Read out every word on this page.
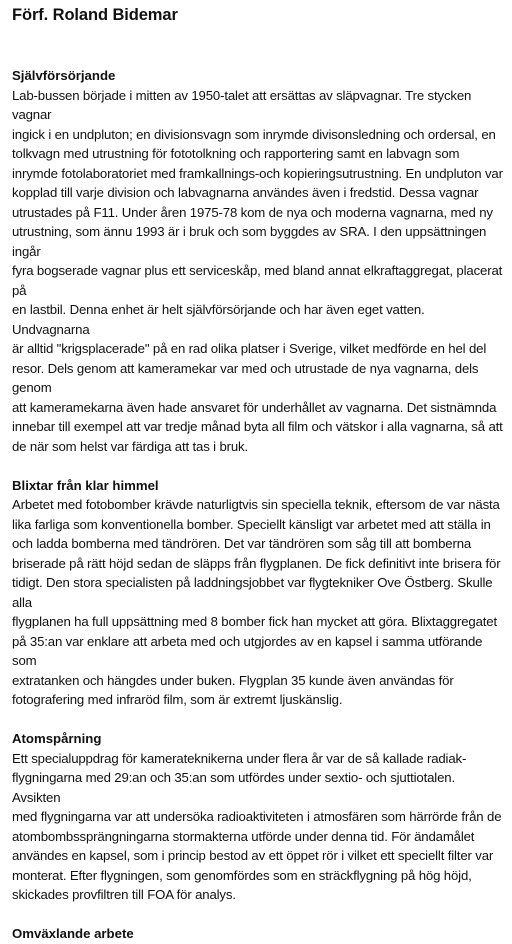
Förf. Roland Bidemar
Självförsörjande
Lab-bussen började i mitten av 1950-talet att ersättas av släpvagnar. Tre stycken vagnar
ingick i en undpluton; en divisionsvagn som inrymde divisonsledning och ordersal, en
tolkvagn med utrustning för fototolkning och rapportering samt en labvagn som
inrymde fotolaboratoriet med framkallnings-och kopieringsutrustning. En undpluton var
kopplad till varje division och labvagnarna användes även i fredstid. Dessa vagnar
utrustades på F11. Under åren 1975-78 kom de nya och moderna vagnarna, med ny
utrustning, som ännu 1993 är i bruk och som byggdes av SRA. I den uppsättningen ingår
fyra bogserade vagnar plus ett serviceskåp, med bland annat elkraftaggregat, placerat på
en lastbil. Denna enhet är helt självförsörjande och har även eget vatten. Undvagnarna
är alltid "krigsplacerade" på en rad olika platser i Sverige, vilket medförde en hel del
resor. Dels genom att kameramekar var med och utrustade de nya vagnarna, dels genom
att kameramekarna även hade ansvaret för underhållet av vagnarna. Det sistnämnda
innebar till exempel att var tredje månad byta all film och vätskor i alla vagnarna, så att
de när som helst var färdiga att tas i bruk.
Blixtar från klar himmel
Arbetet med fotobomber krävde naturligtvis sin speciella teknik, eftersom de var nästa
lika farliga som konventionella bomber. Speciellt känsligt var arbetet med att ställa in
och ladda bomberna med tändrören. Det var tändrören som såg till att bomberna
briserade på rätt höjd sedan de släpps från flygplanen. De fick definitivt inte brisera för
tidigt. Den stora specialisten på laddningsjobbet var flygtekniker Ove Östberg. Skulle alla
flygplanen ha full uppsättning med 8 bomber fick han mycket att göra. Blixtaggregatet
på 35:an var enklare att arbeta med och utgjordes av en kapsel i samma utförande som
extratanken och hängdes under buken. Flygplan 35 kunde även användas för
fotografering med infraröd film, som är extremt ljuskänslig.
Atomspårning
Ett specialuppdrag för kamerateknikerna under flera år var de så kallade radiak-
flygningarna med 29:an och 35:an som utfördes under sextio- och sjuttiotalen. Avsikten
med flygningarna var att undersöka radioaktiviteten i atmosfären som härrörde från de
atombombssprängningarna stormakterna utförde under denna tid. För ändamålet
användes en kapsel, som i princip bestod av ett öppet rör i vilket ett speciellt filter var
monterat. Efter flygningen, som genomfördes som en sträckflygning på hög höjd,
skickades provfiltren till FOA för analys.
Omväxlande arbete
